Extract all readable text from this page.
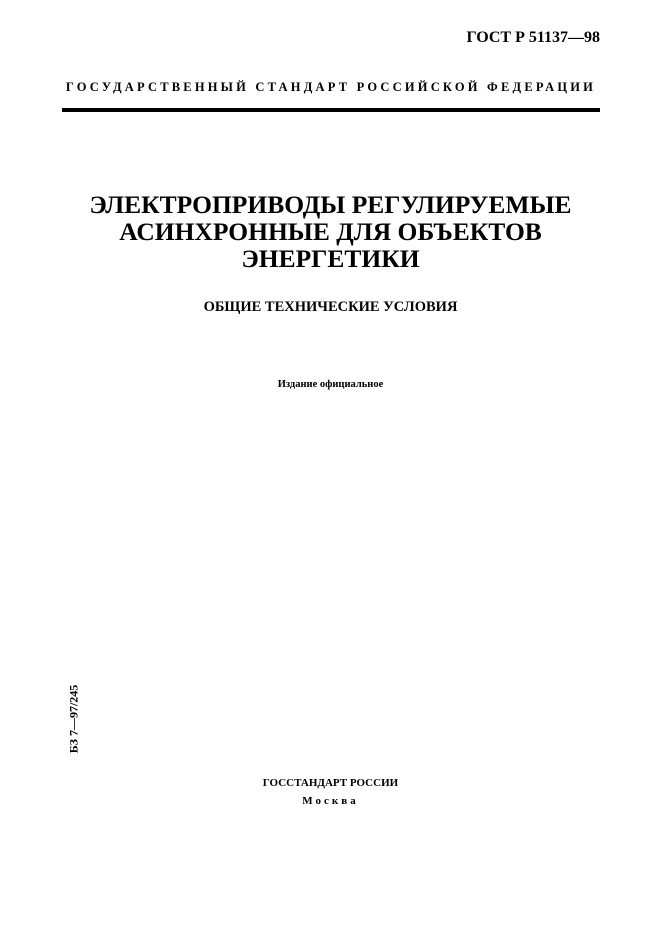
ГОСТ Р 51137—98
ГОСУДАРСТВЕННЫЙ СТАНДАРТ РОССИЙСКОЙ ФЕДЕРАЦИИ
ЭЛЕКТРОПРИВОДЫ РЕГУЛИРУЕМЫЕ
АСИНХРОННЫЕ ДЛЯ ОБЪЕКТОВ
ЭНЕРГЕТИКИ
ОБЩИЕ ТЕХНИЧЕСКИЕ УСЛОВИЯ
Издание официальное
БЗ 7—97/245
ГОССТАНДАРТ РОССИИ
Москва
